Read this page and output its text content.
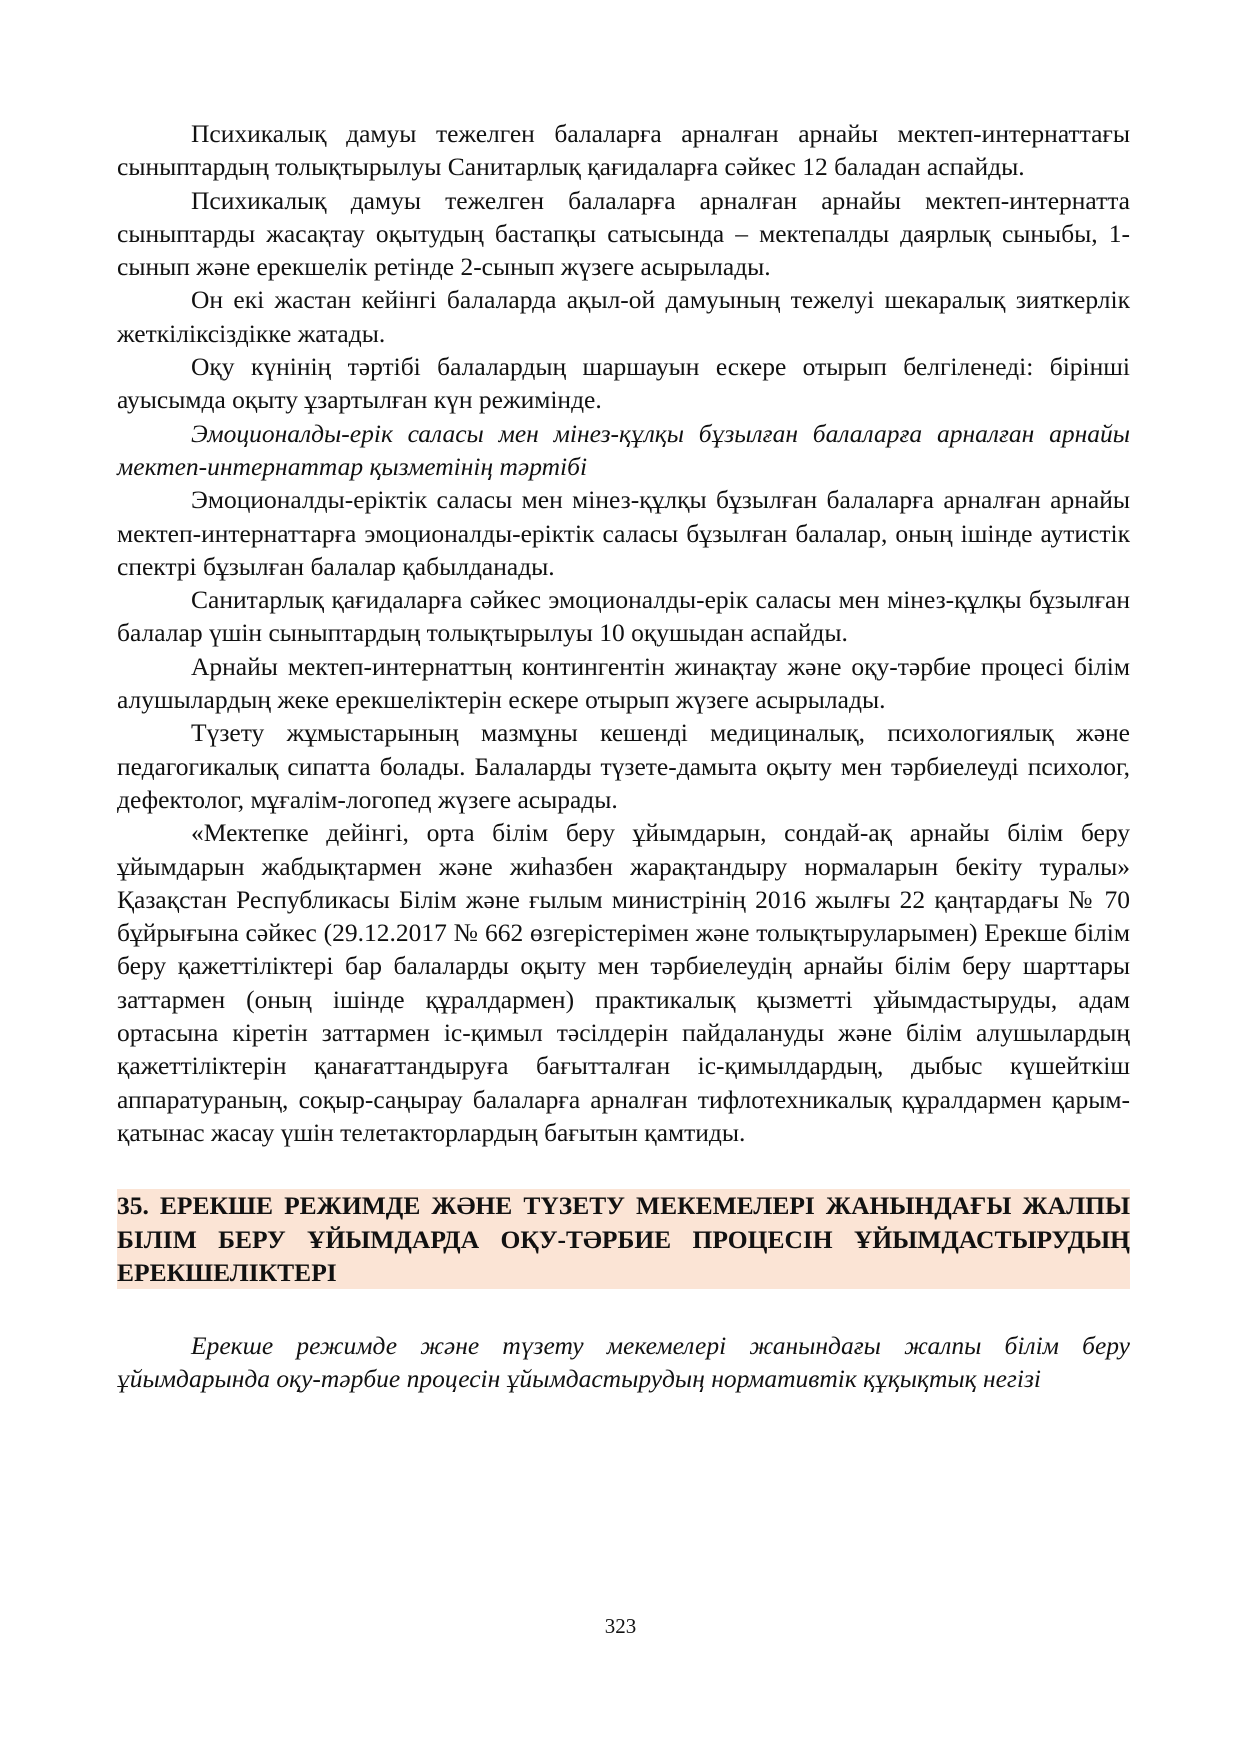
Психикалық дамуы тежелген балаларға арналған арнайы мектеп-интернаттағы сыныптардың толықтырылуы Санитарлық қағидаларға сәйкес 12 баладан аспайды.

Психикалық дамуы тежелген балаларға арналған арнайы мектеп-интернатта сыныптарды жасақтау оқытудың бастапқы сатысында – мектепалды даярлық сыныбы, 1-сынып және ерекшелік ретінде 2-сынып жүзеге асырылады.

Он екі жастан кейінгі балаларда ақыл-ой дамуының тежелуі шекаралық зияткерлік жеткіліксіздікке жатады.

Оқу күнінің тәртібі балалардың шаршауын ескере отырып белгіленеді: бірінші ауысымда оқыту ұзартылған күн режимінде.

Эмоционалды-ерік саласы мен мінез-құлқы бұзылған балаларға арналған арнайы мектеп-интернаттар қызметінің тәртібі

Эмоционалды-еріктік саласы мен мінез-құлқы бұзылған балаларға арналған арнайы мектеп-интернаттарға эмоционалды-еріктік саласы бұзылған балалар, оның ішінде аутистік спектрі бұзылған балалар қабылданады.

Санитарлық қағидаларға сәйкес эмоционалды-ерік саласы мен мінез-құлқы бұзылған балалар үшін сыныптардың толықтырылуы 10 оқушыдан аспайды.

Арнайы мектеп-интернаттың контингентін жинақтау және оқу-тәрбие процесі білім алушылардың жеке ерекшеліктерін ескере отырып жүзеге асырылады.

Түзету жұмыстарының мазмұны кешенді медициналық, психологиялық және педагогикалық сипатта болады. Балаларды түзете-дамыта оқыту мен тәрбиелеуді психолог, дефектолог, мұғалім-логопед жүзеге асырады.

«Мектепке дейінгі, орта білім беру ұйымдарын, сондай-ақ арнайы білім беру ұйымдарын жабдықтармен және жиһазбен жарақтандыру нормаларын бекіту туралы» Қазақстан Республикасы Білім және ғылым министрінің 2016 жылғы 22 қаңтардағы № 70 бұйрығына сәйкес (29.12.2017 № 662 өзгерістерімен және толықтыруларымен) Ерекше білім беру қажеттіліктері бар балаларды оқыту мен тәрбиелеудің арнайы білім беру шарттары заттармен (оның ішінде құралдармен) практикалық қызметті ұйымдастыруды, адам ортасына кіретін заттармен іс-қимыл тәсілдерін пайдалануды және білім алушылардың қажеттіліктерін қанағаттандыруға бағытталған іс-қимылдардың, дыбыс күшейткіш аппаратураның, соқыр-саңырау балаларға арналған тифлотехникалық құралдармен қарым-қатынас жасау үшін телетакторлардың бағытын қамтиды.

35. ЕРЕКШЕ РЕЖИМДЕ ЖӘНЕ ТҮЗЕТУ МЕКЕМЕЛЕРІ ЖАНЫНДАҒЫ ЖАЛПЫ БІЛІМ БЕРУ ҰЙЫМДАРДА ОҚУ-ТӘРБИЕ ПРОЦЕСІН ҰЙЫМДАСТЫРУДЫҢ ЕРЕКШЕЛІКТЕРІ

Ерекше режимде және түзету мекемелері жанындағы жалпы білім беру ұйымдарында оқу-тәрбие процесін ұйымдастырудың нормативтік құқықтық негізі

323
